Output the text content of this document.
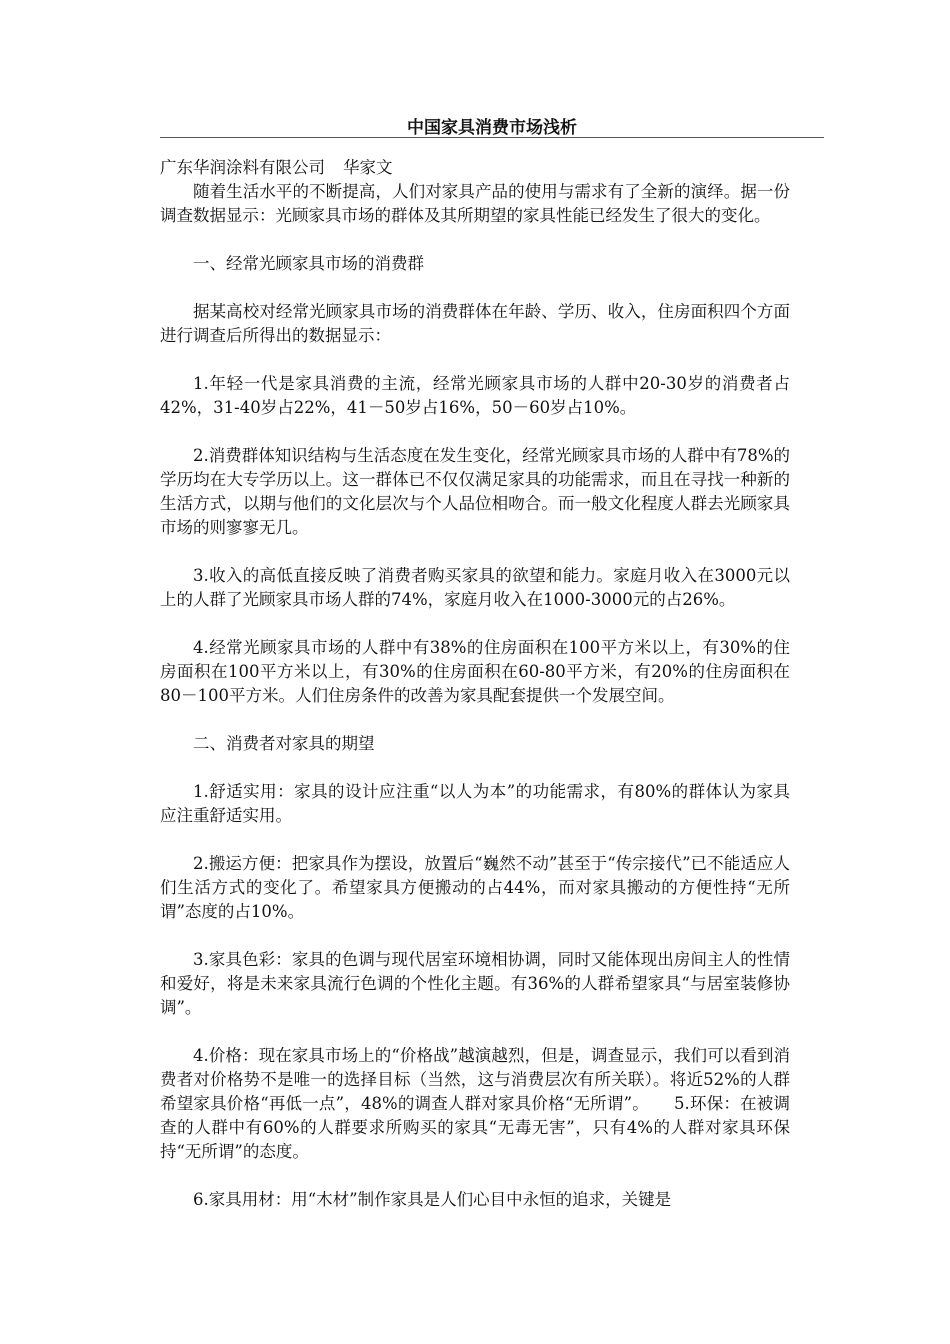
中国家具消费市场浅析

广东华润涂料有限公司 华家文

随着生活水平的不断提高，人们对家具产品的使用与需求有了全新的演绎。据一份调查数据显示：光顾家具市场的群体及其所期望的家具性能已经发生了很大的变化。

一、经常光顾家具市场的消费群

据某高校对经常光顾家具市场的消费群体在年龄、学历、收入，住房面积四个方面进行调查后所得出的数据显示：

1.年轻一代是家具消费的主流，经常光顾家具市场的人群中20-30岁的消费者占42%，31-40岁占22%，41－50岁占16%，50－60岁占10%。

2.消费群体知识结构与生活态度在发生变化，经常光顾家具市场的人群中有78%的学历均在大专学历以上。这一群体已不仅仅满足家具的功能需求，而且在寻找一种新的生活方式，以期与他们的文化层次与个人品位相吻合。而一般文化程度人群去光顾家具市场的则寥寥无几。

3.收入的高低直接反映了消费者购买家具的欲望和能力。家庭月收入在3000元以上的人群了光顾家具市场人群的74%，家庭月收入在1000-3000元的占26%。

4.经常光顾家具市场的人群中有38%的住房面积在100平方米以上，有30%的住房面积在100平方米以上，有30%的住房面积在60-80平方米，有20%的住房面积在80－100平方米。人们住房条件的改善为家具配套提供一个发展空间。

二、消费者对家具的期望

1.舒适实用：家具的设计应注重“以人为本”的功能需求，有80%的群体认为家具应注重舒适实用。

2.搬运方便：把家具作为摆设，放置后“巍然不动”甚至于“传宗接代”已不能适应人们生活方式的变化了。希望家具方便搬动的占44%，而对家具搬动的方便性持“无所谓”态度的占10%。

3.家具色彩：家具的色调与现代居室环境相协调，同时又能体现出房间主人的性情和爱好，将是未来家具流行色调的个性化主题。有36%的人群希望家具“与居室装修协调”。

4.价格：现在家具市场上的“价格战”越演越烈，但是，调查显示，我们可以看到消费者对价格势不是唯一的选择目标（当然，这与消费层次有所关联）。将近52%的人群希望家具价格“再低一点”，48%的调查人群对家具价格“无所谓”。　　5.环保：在被调查的人群中有60%的人群要求所购买的家具“无毒无害”，只有4%的人群对家具环保持“无所谓”的态度。

6.家具用材：用“木材”制作家具是人们心目中永恒的追求，关键是
